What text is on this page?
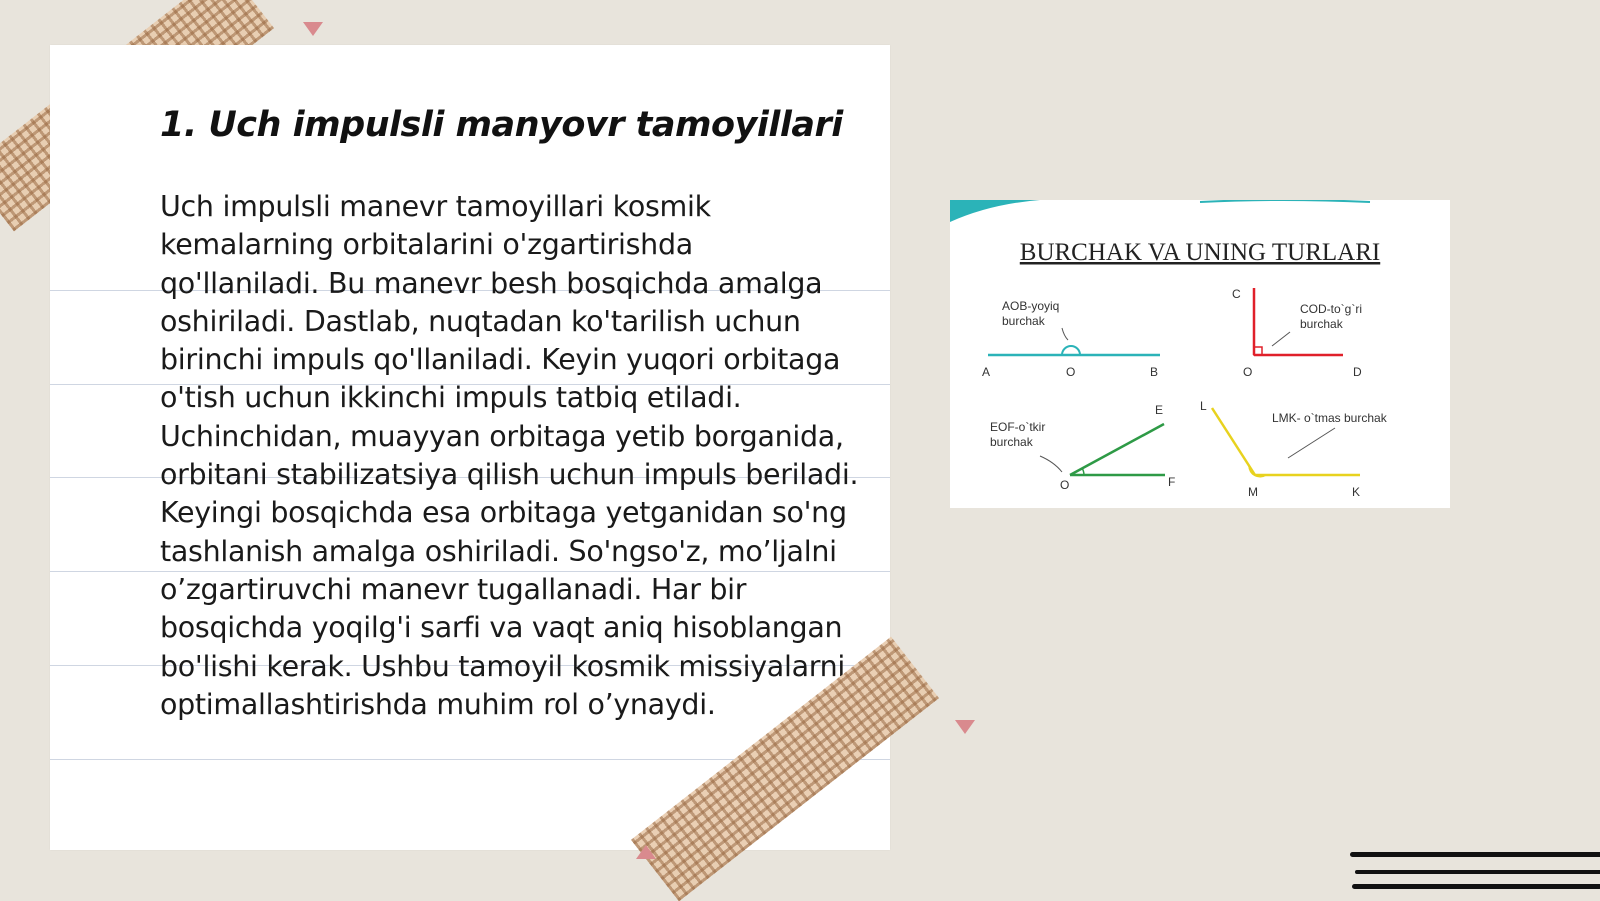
1. Uch impulsli manyovr tamoyillari

Uch impulsli manevr tamoyillari kosmik kemalarning orbitalarini o'zgartirishda qo'llaniladi. Bu manevr besh bosqichda amalga oshiriladi. Dastlab, nuqtadan ko'tarilish uchun birinchi impuls qo'llaniladi. Keyin yuqori orbitaga o'tish uchun ikkinchi impuls tatbiq etiladi. Uchinchidan, muayyan orbitaga yetib borganida, orbitani stabilizatsiya qilish uchun impuls beriladi. Keyingi bosqichda esa orbitaga yetganidan so'ng tashlanish amalga oshiriladi. So'ngso'z, mo’ljalni o’zgartiruvchi manevr tugallanadi. Har bir bosqichda yoqilg'i sarfi va vaqt aniq hisoblangan bo'lishi kerak. Ushbu tamoyil kosmik missiyalarni optimallashtirishda muhim rol o’ynaydi.

BURCHAK VA UNING TURLARI
AOB-yoyiq
burchak
A	O	B
C
COD-to`g`ri
burchak
O	D
EOF-o`tkir
burchak
E
O	F
L
LMK- o`tmas burchak
M	K
